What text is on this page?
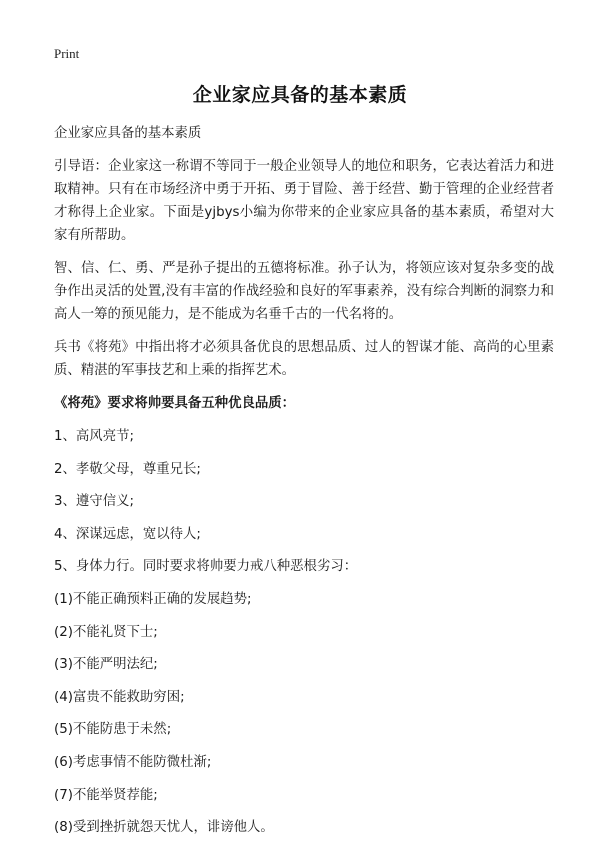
Print
企业家应具备的基本素质

企业家应具备的基本素质

引导语：企业家这一称谓不等同于一般企业领导人的地位和职务，它表达着活力和进取精神。只有在市场经济中勇于开拓、勇于冒险、善于经营、勤于管理的企业经营者才称得上企业家。下面是yjbys小编为你带来的企业家应具备的基本素质，希望对大家有所帮助。

智、信、仁、勇、严是孙子提出的五德将标准。孙子认为，将领应该对复杂多变的战争作出灵活的处置,没有丰富的作战经验和良好的军事素养，没有综合判断的洞察力和高人一筹的预见能力，是不能成为名垂千古的一代名将的。

兵书《将苑》中指出将才必须具备优良的思想品质、过人的智谋才能、高尚的心里素质、精湛的军事技艺和上乘的指挥艺术。

《将苑》要求将帅要具备五种优良品质：

1、高风亮节;

2、孝敬父母，尊重兄长;

3、遵守信义;

4、深谋远虑，宽以待人;

5、身体力行。同时要求将帅要力戒八种恶根劣习：

(1)不能正确预料正确的发展趋势;

(2)不能礼贤下士;

(3)不能严明法纪;

(4)富贵不能救助穷困;

(5)不能防患于未然;

(6)考虑事情不能防微杜渐;

(7)不能举贤荐能;

(8)受到挫折就怨天忧人，诽谤他人。
